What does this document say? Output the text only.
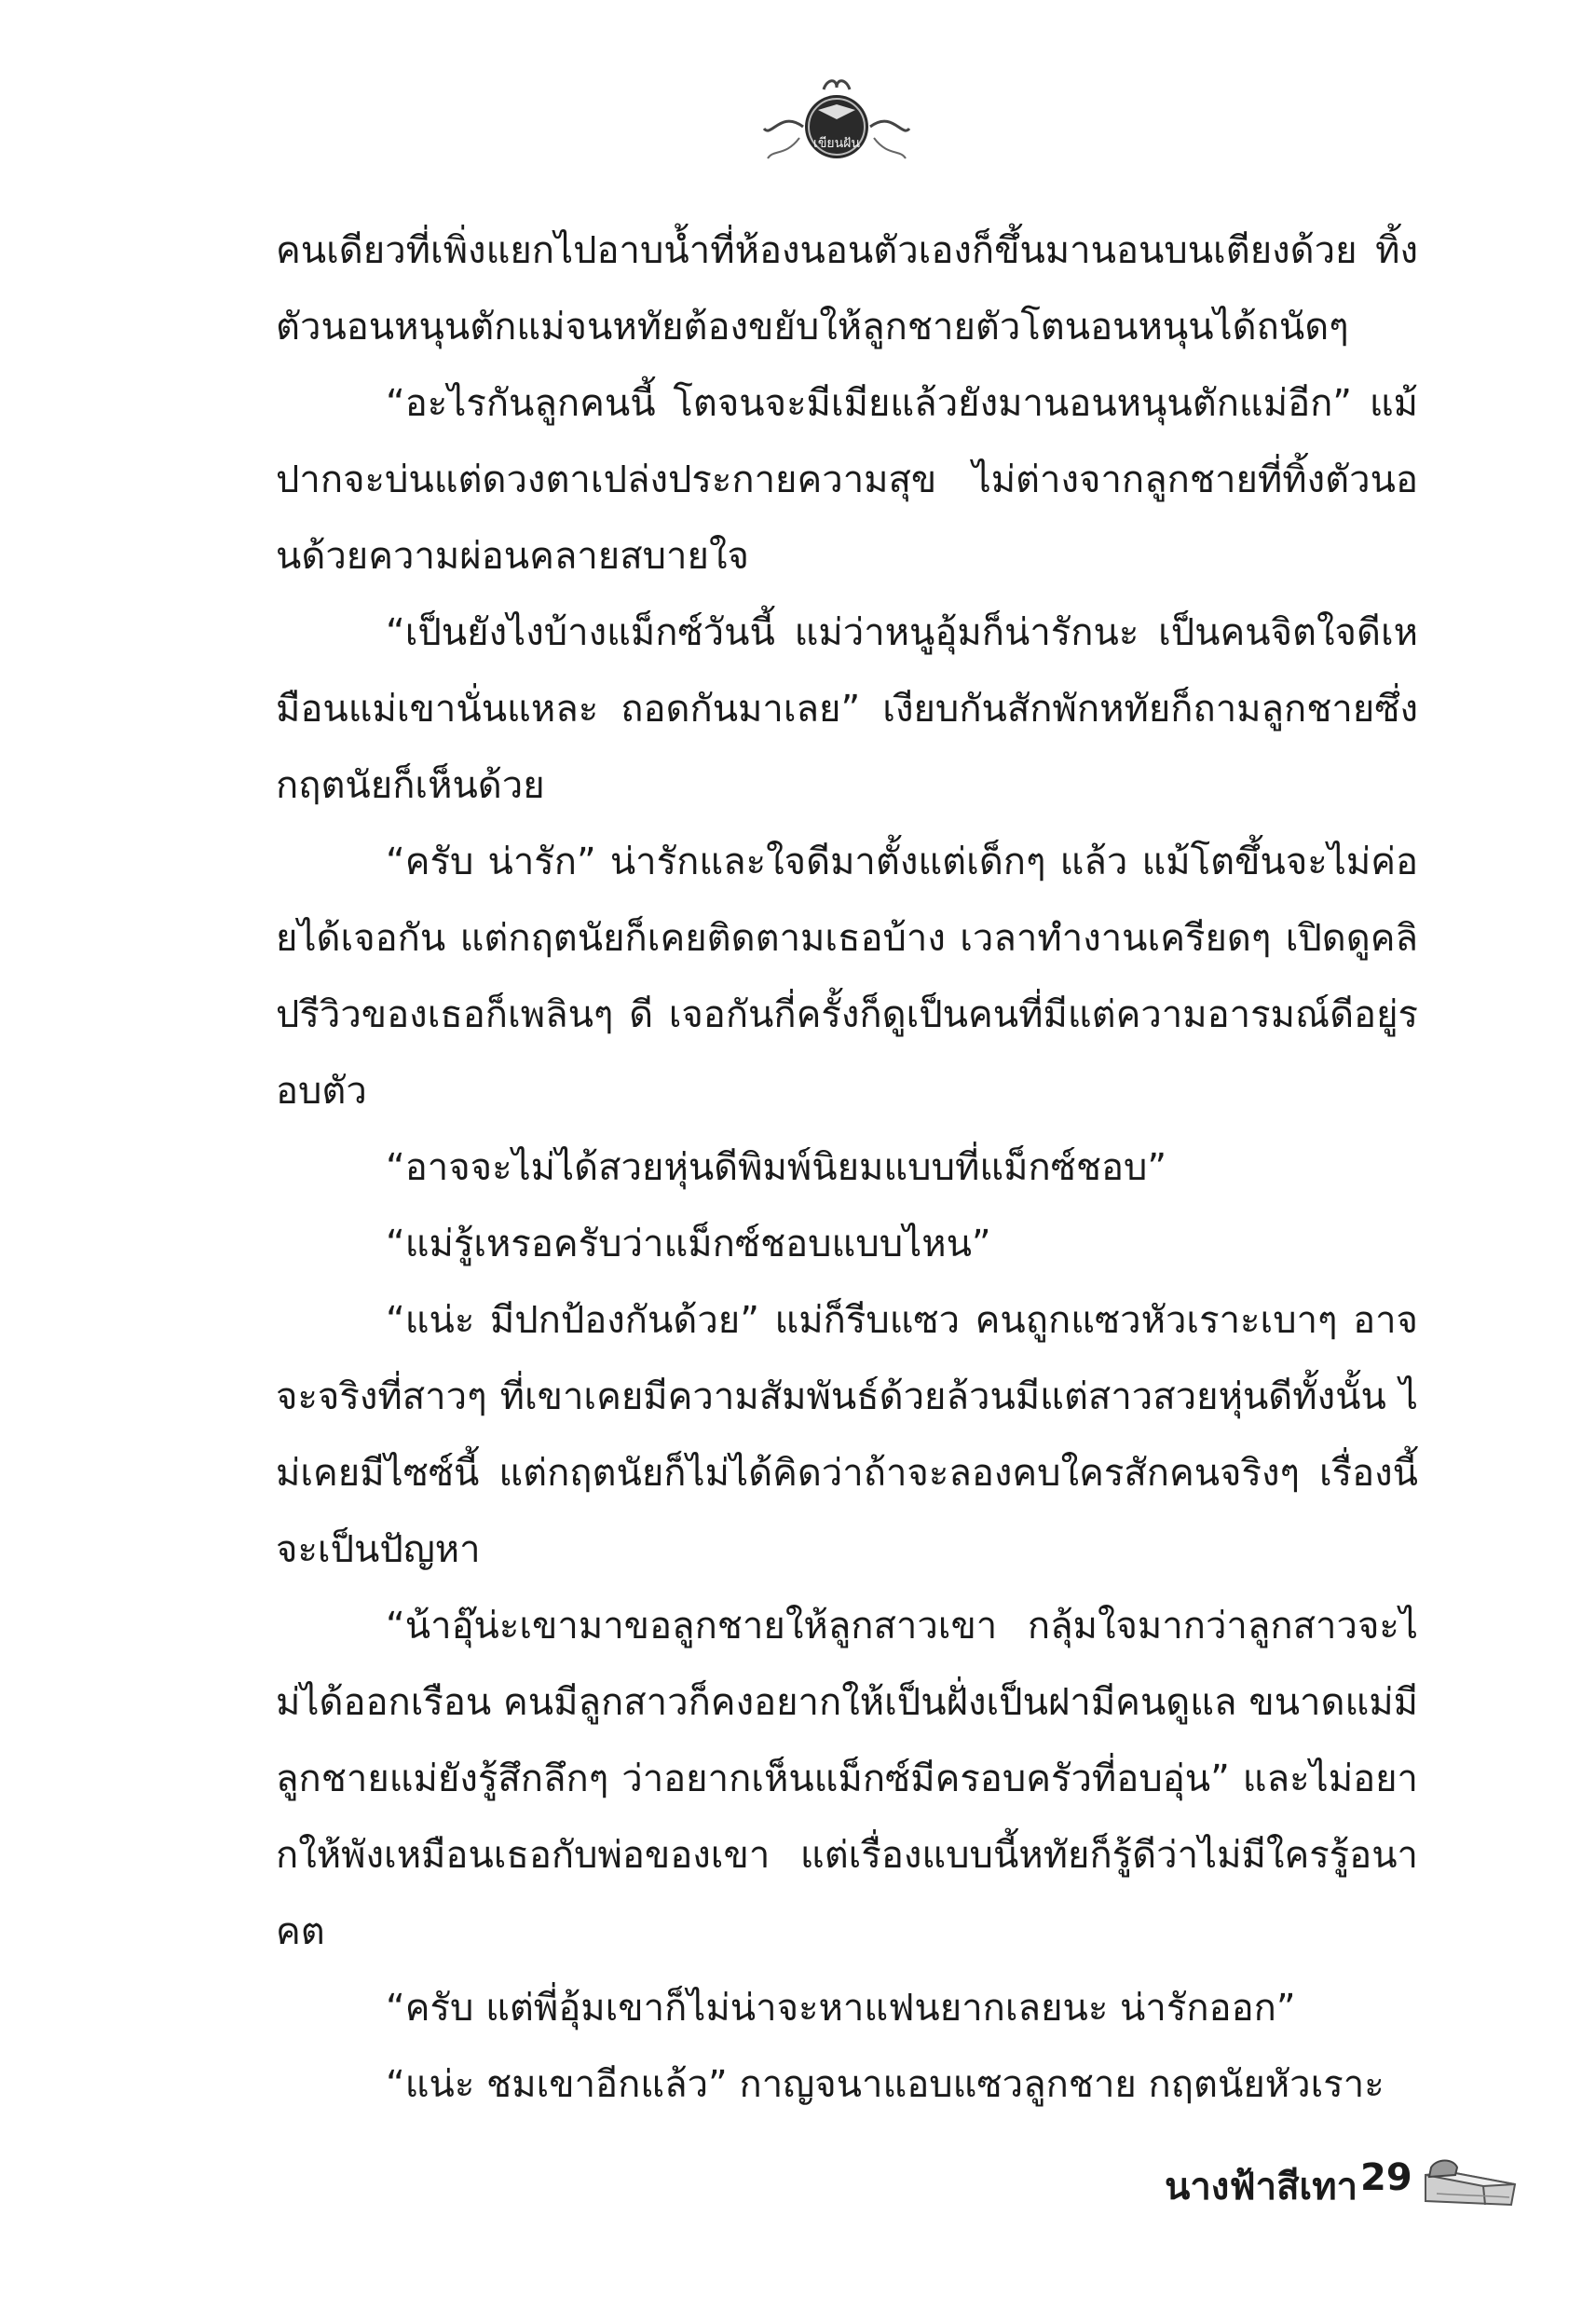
เขียนฝัน

คนเดียวที่เพิ่งแยกไปอาบน้ำที่ห้องนอนตัวเองก็ขึ้นมานอนบนเตียงด้วย ทิ้งตัวนอนหนุนตักแม่จนหทัยต้องขยับให้ลูกชายตัวโตนอนหนุนได้ถนัดๆ

“อะไรกันลูกคนนี้ โตจนจะมีเมียแล้วยังมานอนหนุนตักแม่อีก” แม้ปากจะบ่นแต่ดวงตาเปล่งประกายความสุข ไม่ต่างจากลูกชายที่ทิ้งตัวนอนด้วยความผ่อนคลายสบายใจ

“เป็นยังไงบ้างแม็กซ์วันนี้ แม่ว่าหนูอุ้มก็น่ารักนะ เป็นคนจิตใจดีเหมือนแม่เขานั่นแหละ ถอดกันมาเลย” เงียบกันสักพักหทัยก็ถามลูกชายซึ่งกฤตนัยก็เห็นด้วย

“ครับ น่ารัก” น่ารักและใจดีมาตั้งแต่เด็กๆ แล้ว แม้โตขึ้นจะไม่ค่อยได้เจอกัน แต่กฤตนัยก็เคยติดตามเธอบ้าง เวลาทำงานเครียดๆ เปิดดูคลิปรีวิวของเธอก็เพลินๆ ดี เจอกันกี่ครั้งก็ดูเป็นคนที่มีแต่ความอารมณ์ดีอยู่รอบตัว

“อาจจะไม่ได้สวยหุ่นดีพิมพ์นิยมแบบที่แม็กซ์ชอบ”

“แม่รู้เหรอครับว่าแม็กซ์ชอบแบบไหน”

“แน่ะ มีปกป้องกันด้วย” แม่ก็รีบแซว คนถูกแซวหัวเราะเบาๆ อาจจะจริงที่สาวๆ ที่เขาเคยมีความสัมพันธ์ด้วยล้วนมีแต่สาวสวยหุ่นดีทั้งนั้น ไม่เคยมีไซซ์นี้ แต่กฤตนัยก็ไม่ได้คิดว่าถ้าจะลองคบใครสักคนจริงๆ เรื่องนี้จะเป็นปัญหา

“น้าอุ๊น่ะเขามาขอลูกชายให้ลูกสาวเขา กลุ้มใจมากว่าลูกสาวจะไม่ได้ออกเรือน คนมีลูกสาวก็คงอยากให้เป็นฝั่งเป็นฝามีคนดูแล ขนาดแม่มีลูกชายแม่ยังรู้สึกลึกๆ ว่าอยากเห็นแม็กซ์มีครอบครัวที่อบอุ่น” และไม่อยากให้พังเหมือนเธอกับพ่อของเขา แต่เรื่องแบบนี้หทัยก็รู้ดีว่าไม่มีใครรู้อนาคต

“ครับ แต่พี่อุ้มเขาก็ไม่น่าจะหาแฟนยากเลยนะ น่ารักออก”

“แน่ะ ชมเขาอีกแล้ว” กาญจนาแอบแซวลูกชาย กฤตนัยหัวเราะ

นางฟ้าสีเทา 29
